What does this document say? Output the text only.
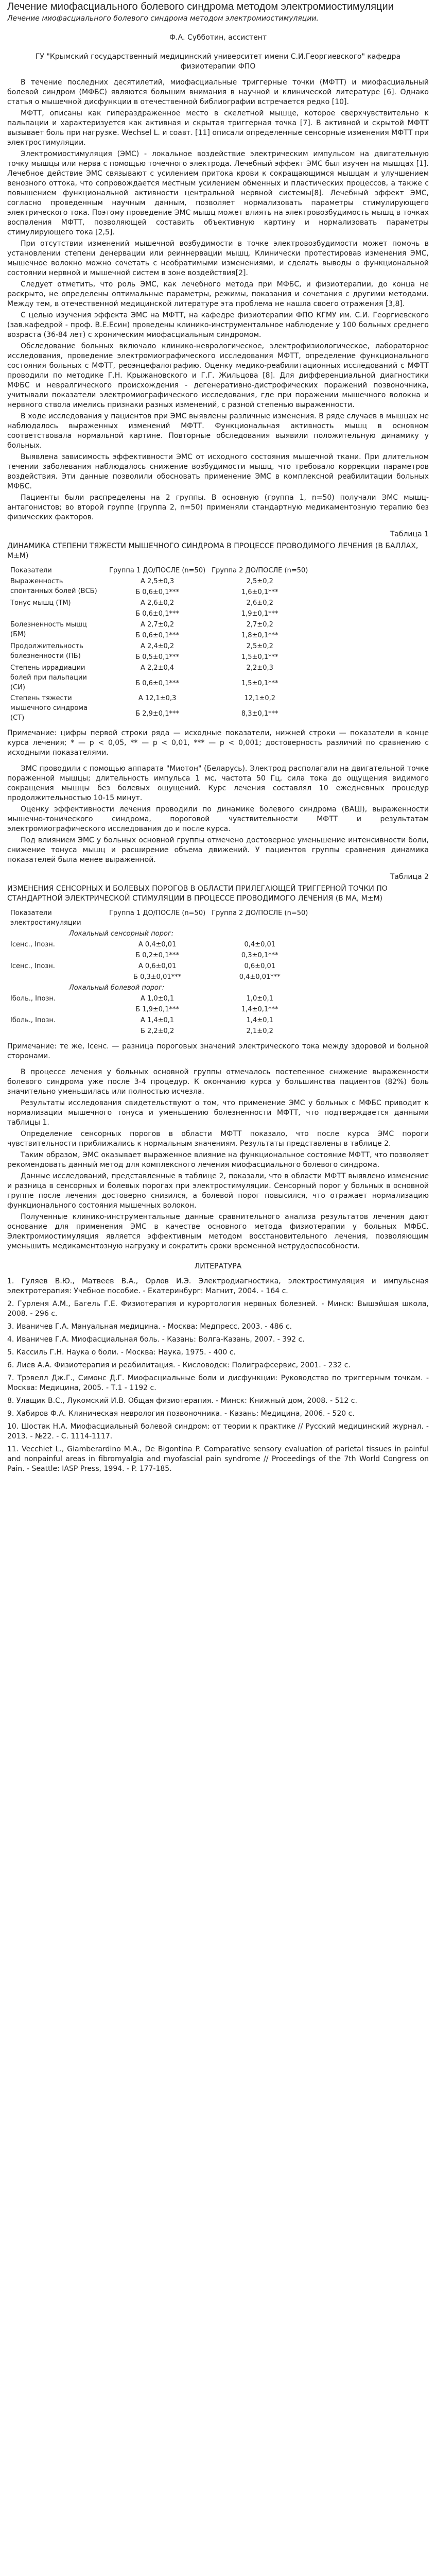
Лечение миофасциального болевого синдрома методом электромиостимуляции
Лечение миофасциального болевого синдрома методом электромиостимуляции.
Ф.А. Субботин, ассистент
ГУ "Крымский государственный медицинский университет имени С.И.Георгиевского" кафедра физиотерапии ФПО

В течение последних десятилетий, миофасциальные триггерные точки (МФТТ) и миофасциальный болевой синдром (МФБС) являются большим внимания в научной и клинической литературе [6]. Однако статья о мышечной дисфункции в отечественной библиографии встречается редко [10].

МФТТ, описаны как гипераздраженное место в скелетной мышце, которое сверхчувствительно к пальпации и характеризуется как активная и скрытая триггерная точка [7]. В активной и скрытой МФТТ вызывает боль при нагрузке. Wechsel L. и соавт. [11] описали определенные сенсорные изменения МФТТ при электростимуляции.

Электромиостимуляция (ЭМС) - локальное воздействие электрическим импульсом на двигательную точку мышцы или нерва с помощью точечного электрода. Лечебный эффект ЭМС был изучен на мышцах [1]. Лечебное действие ЭМС связывают с усилением притока крови к сокращающимся мышцам и улучшением венозного оттока, что сопровождается местным усилением обменных и пластических процессов, а также с повышением функциональной активности центральной нервной системы[8]. Лечебный эффект ЭМС, согласно проведенным научным данным, позволяет нормализовать параметры стимулирующего электрического тока. Поэтому проведение ЭМС мышц может влиять на электровозбудимость мышц в точках воспаления МФТТ, позволяющей составить объективную картину и нормализовать параметры стимулирующего тока [2,5].

При отсутствии изменений мышечной возбудимости в точке электровозбудимости может помочь в установлении степени денервации или реиннервации мышц. Клинически протестировав изменения ЭМС, мышечное волокно можно сочетать с необратимыми изменениями, и сделать выводы о функциональной состоянии нервной и мышечной систем в зоне воздействия[2].

Следует отметить, что роль ЭМС, как лечебного метода при МФБС, и физиотерапии, до конца не раскрыто, не определены оптимальные параметры, режимы, показания и сочетания с другими методами. Между тем, в отечественной медицинской литературе эта проблема не нашла своего отражения [3,8].

С целью изучения эффекта ЭМС на МФТТ, на кафедре физиотерапии ФПО КГМУ им. С.И. Георгиевского (зав.кафедрой - проф. В.Е.Есин) проведены клинико-инструментальное наблюдение у 100 больных среднего возраста (36-84 лет) с хроническим миофасциальным синдромом.

Обследование больных включало клинико-неврологическое, электрофизиологическое, лабораторное исследования, проведение электромиографического исследования МФТТ, определение функционального состояния больных с МФТТ, реоэнцефалографию. Оценку медико-реабилитационных исследований с МФТТ проводили по методике Г.Н. Крыжановского и Г.Г. Жильцова [8]. Для дифференциальной диагностики МФБС и невралгического происхождения - дегенеративно-дистрофических поражений позвоночника, учитывали показатели электромиографического исследования, где при поражении мышечного волокна и нервного ствола имелись признаки разных изменений, с разной степенью выраженности.

В ходе исследования у пациентов при ЭМС выявлены различные изменения. В ряде случаев в мышцах не наблюдалось выраженных изменений МФТТ. Функциональная активность мышц в основном соответствовала нормальной картине. Повторные обследования выявили положительную динамику у больных.

Выявлена зависимость эффективности ЭМС от исходного состояния мышечной ткани. При длительном течении заболевания наблюдалось снижение возбудимости мышц, что требовало коррекции параметров воздействия. Эти данные позволили обосновать применение ЭМС в комплексной реабилитации больных МФБС.

Пациенты были распределены на 2 группы. В основную (группа 1, n=50) получали ЭМС мышц-антагонистов; во второй группе (группа 2, n=50) применяли стандартную медикаментозную терапию без физических факторов.

Таблица 1
ДИНАМИКА СТЕПЕНИ ТЯЖЕСТИ МЫШЕЧНОГО СИНДРОМА В ПРОЦЕССЕ ПРОВОДИМОГО ЛЕЧЕНИЯ (В БАЛЛАХ, M±M)
Показатели	Группа 1 ДО/ПОСЛЕ (n=50)	Группа 2 ДО/ПОСЛЕ (n=50)
Выраженность спонтанных болей (ВСБ)	А 2,5±0,3	2,5±0,2
	Б 0,6±0,1***	1,6±0,1***
Тонус мышц (ТМ)	А 2,6±0,2	2,6±0,2
	Б 0,6±0,1***	1,9±0,1***
Болезненность мышц (БМ)	А 2,7±0,2	2,7±0,2
	Б 0,6±0,1***	1,8±0,1***
Продолжительность болезненности (ПБ)	А 2,4±0,2	2,5±0,2
	Б 0,5±0,1***	1,5±0,1***
Степень иррадиации болей при пальпации (СИ)	А 2,2±0,4	2,2±0,3
	Б 0,6±0,1***	1,5±0,1***
Степень тяжести мышечного синдрома (СТ)	А 12,1±0,3	12,1±0,2
	Б 2,9±0,1***	8,3±0,1***
Примечание: цифры первой строки ряда — исходные показатели, нижней строки — показатели в конце курса лечения; * — p < 0,05, ** — p < 0,01, *** — p < 0,001; достоверность различий по сравнению с исходными показателями.

ЭМС проводили с помощью аппарата "Миотон" (Беларусь). Электрод располагали на двигательной точке пораженной мышцы; длительность импульса 1 мс, частота 50 Гц, сила тока до ощущения видимого сокращения мышцы без болевых ощущений. Курс лечения составлял 10 ежедневных процедур продолжительностью 10-15 минут.

Оценку эффективности лечения проводили по динамике болевого синдрома (ВАШ), выраженности мышечно-тонического синдрома, пороговой чувствительности МФТТ и результатам электромиографического исследования до и после курса.

Под влиянием ЭМС у больных основной группы отмечено достоверное уменьшение интенсивности боли, снижение тонуса мышц и расширение объема движений. У пациентов группы сравнения динамика показателей была менее выраженной.

Таблица 2
ИЗМЕНЕНИЯ СЕНСОРНЫХ И БОЛЕВЫХ ПОРОГОВ В ОБЛАСТИ ПРИЛЕГАЮЩЕЙ ТРИГГЕРНОЙ ТОЧКИ ПО СТАНДАРТНОЙ ЭЛЕКТРИЧЕСКОЙ СТИМУЛЯЦИИ В ПРОЦЕССЕ ПРОВОДИМОГО ЛЕЧЕНИЯ (В МА, M±M)
Показатели электростимуляции	Группа 1 ДО/ПОСЛЕ (n=50)	Группа 2 ДО/ПОСЛЕ (n=50)
Локальный сенсорный порог:		
Iсенс., Iпозн.	А 0,4±0,01	0,4±0,01
	Б 0,2±0,1***	0,3±0,1***
Iсенс., Iпозн.	А 0,6±0,01	0,6±0,01
	Б 0,3±0,01***	0,4±0,01***
Локальный болевой порог:		
Iболь., Iпозн.	А 1,0±0,1	1,0±0,1
	Б 1,9±0,1***	1,4±0,1***
Iболь., Iпозн.	А 1,4±0,1	1,4±0,1
	Б 2,2±0,2	2,1±0,2
Примечание: те же, Iсенс. — разница пороговых значений электрического тока между здоровой и больной сторонами.

В процессе лечения у больных основной группы отмечалось постепенное снижение выраженности болевого синдрома уже после 3-4 процедур. К окончанию курса у большинства пациентов (82%) боль значительно уменьшилась или полностью исчезла.

Результаты исследования свидетельствуют о том, что применение ЭМС у больных с МФБС приводит к нормализации мышечного тонуса и уменьшению болезненности МФТТ, что подтверждается данными таблицы 1.

Определение сенсорных порогов в области МФТТ показало, что после курса ЭМС пороги чувствительности приближались к нормальным значениям. Результаты представлены в таблице 2.

Таким образом, ЭМС оказывает выраженное влияние на функциональное состояние МФТТ, что позволяет рекомендовать данный метод для комплексного лечения миофасциального болевого синдрома.

Данные исследований, представленные в таблице 2, показали, что в области МФТТ выявлено изменение и разница в сенсорных и болевых порогах при электростимуляции. Сенсорный порог у больных в основной группе после лечения достоверно снизился, а болевой порог повысился, что отражает нормализацию функционального состояния мышечных волокон.

Полученные клинико-инструментальные данные сравнительного анализа результатов лечения дают основание для применения ЭМС в качестве основного метода физиотерапии у больных МФБС. Электромиостимуляция является эффективным методом восстановительного лечения, позволяющим уменьшить медикаментозную нагрузку и сократить сроки временной нетрудоспособности.

ЛИТЕРАТУРА
1. Гуляев В.Ю., Матвеев В.А., Орлов И.Э. Электродиагностика, электростимуляция и импульсная электротерапия: Учебное пособие. - Екатеринбург: Магнит, 2004. - 164 с.
2. Гурленя А.М., Багель Г.Е. Физиотерапия и курортология нервных болезней. - Минск: Вышэйшая школа, 2008. - 296 с.
3. Иваничев Г.А. Мануальная медицина. - Москва: Медпресс, 2003. - 486 с.
4. Иваничев Г.А. Миофасциальная боль. - Казань: Волга-Казань, 2007. - 392 с.
5. Кассиль Г.Н. Наука о боли. - Москва: Наука, 1975. - 400 с.
6. Лиев А.А. Физиотерапия и реабилитация. - Кисловодск: Полиграфсервис, 2001. - 232 с.
7. Трэвелл Дж.Г., Симонс Д.Г. Миофасциальные боли и дисфункции: Руководство по триггерным точкам. - Москва: Медицина, 2005. - Т.1 - 1192 с.
8. Улащик В.С., Лукомский И.В. Общая физиотерапия. - Минск: Книжный дом, 2008. - 512 с.
9. Хабиров Ф.А. Клиническая неврология позвоночника. - Казань: Медицина, 2006. - 520 с.
10. Шостак Н.А. Миофасциальный болевой синдром: от теории к практике // Русский медицинский журнал. - 2013. - №22. - С. 1114-1117.
11. Vecchiet L., Giamberardino M.A., De Bigontina P. Comparative sensory evaluation of parietal tissues in painful and nonpainful areas in fibromyalgia and myofascial pain syndrome // Proceedings of the 7th World Congress on Pain. - Seattle: IASP Press, 1994. - P. 177-185.
